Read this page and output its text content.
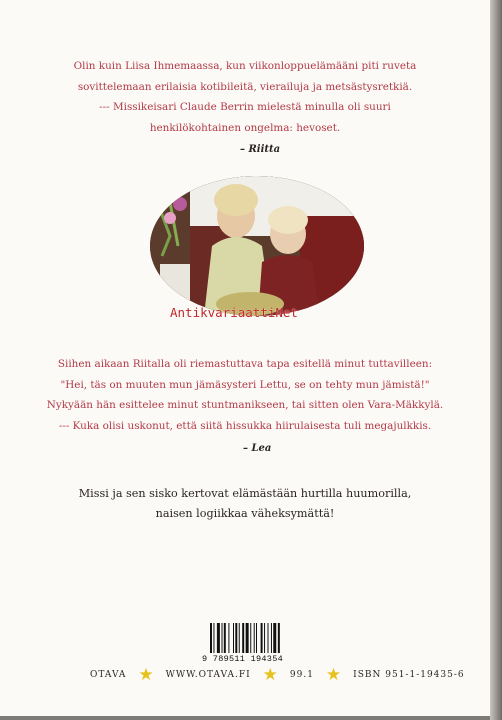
Olin kuin Liisa Ihmemaassa, kun viikonloppuelämääni piti ruveta

sovittelemaan erilaisia kotibileitä, vierailuja ja metsästysretkiä.

--- Missikeisari Claude Berrin mielestä minulla oli suuri

henkilökohtainen ongelma: hevoset.

– Riitta
AntikvariaattiNet

Siihen aikaan Riitalla oli riemastuttava tapa esitellä minut tuttavilleen:

"Hei, täs on muuten mun jämäsysteri Lettu, se on tehty mun jämistä!"

Nykyään hän esittelee minut stuntmanikseen, tai sitten olen Vara-Mäkkylä.

--- Kuka olisi uskonut, että siitä hissukka hiirulaisesta tuli megajulkkis.

– Lea

Missi ja sen sisko kertovat elämästään hurtilla huumorilla,

naisen logiikkaa väheksymättä!

9 789511 194354
OTAVA ★ WWW.OTAVA.FI ★ 99.1 ★ ISBN 951-1-19435-6
